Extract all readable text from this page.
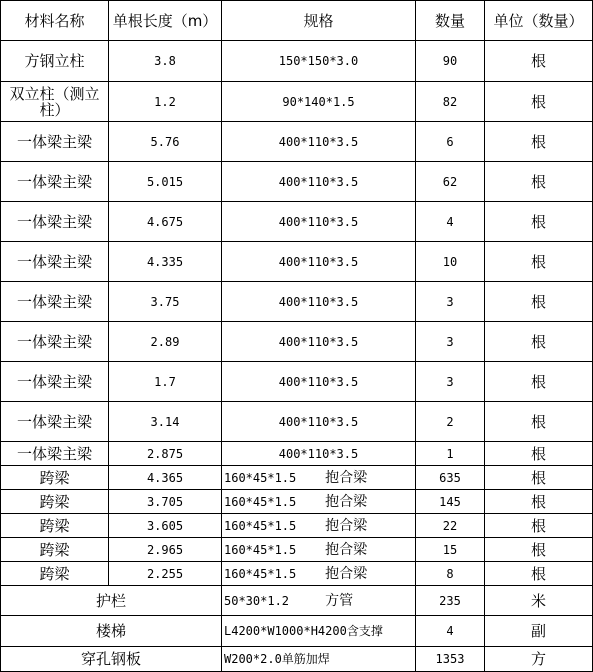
材料名称	单根长度（m）	规格	数量	单位（数量）
方钢立柱	3.8	150*150*3.0	90	根
双立柱（测立柱）	1.2	90*140*1.5	82	根
一体梁主梁	5.76	400*110*3.5	6	根
一体梁主梁	5.015	400*110*3.5	62	根
一体梁主梁	4.675	400*110*3.5	4	根
一体梁主梁	4.335	400*110*3.5	10	根
一体梁主梁	3.75	400*110*3.5	3	根
一体梁主梁	2.89	400*110*3.5	3	根
一体梁主梁	1.7	400*110*3.5	3	根
一体梁主梁	3.14	400*110*3.5	2	根
一体梁主梁	2.875	400*110*3.5	1	根
跨梁	4.365	160*45*1.5 抱合梁	635	根
跨梁	3.705	160*45*1.5 抱合梁	145	根
跨梁	3.605	160*45*1.5 抱合梁	22	根
跨梁	2.965	160*45*1.5 抱合梁	15	根
跨梁	2.255	160*45*1.5 抱合梁	8	根
护栏		50*30*1.2 方管	235	米
楼梯		L4200*W1000*H4200含支撑	4	副
穿孔钢板		W200*2.0单筋加焊	1353	方
